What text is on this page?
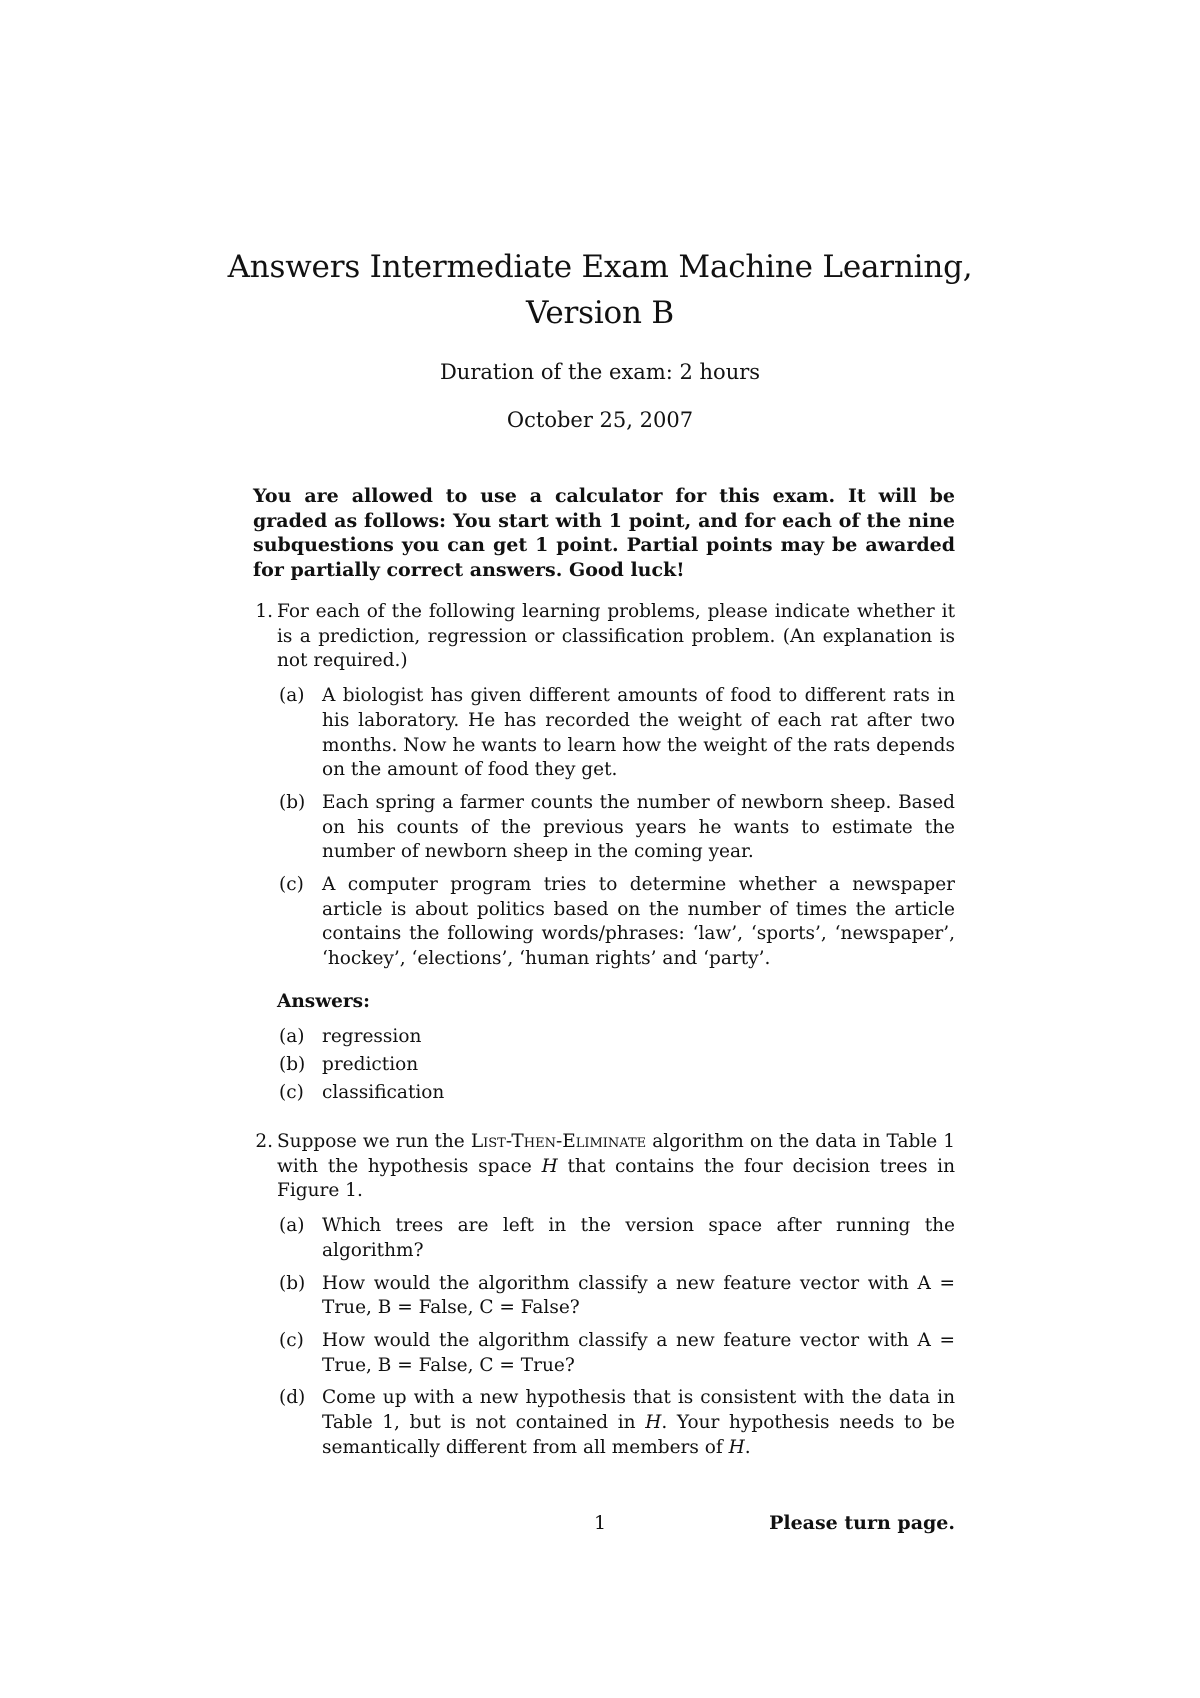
Answers Intermediate Exam Machine Learning,
Version B
Duration of the exam: 2 hours
October 25, 2007

You are allowed to use a calculator for this exam. It will be graded as follows: You start with 1 point, and for each of the nine subquestions you can get 1 point. Partial points may be awarded for partially correct answers. Good luck!

1. For each of the following learning problems, please indicate whether it is a prediction, regression or classification problem. (An explanation is not required.)
(a) A biologist has given different amounts of food to different rats in his laboratory. He has recorded the weight of each rat after two months. Now he wants to learn how the weight of the rats depends on the amount of food they get.
(b) Each spring a farmer counts the number of newborn sheep. Based on his counts of the previous years he wants to estimate the number of newborn sheep in the coming year.
(c) A computer program tries to determine whether a newspaper article is about politics based on the number of times the article contains the following words/phrases: ‘law’, ‘sports’, ‘newspaper’, ‘hockey’, ‘elections’, ‘human rights’ and ‘party’.
Answers:
(a) regression
(b) prediction
(c) classification
2. Suppose we run the List-Then-Eliminate algorithm on the data in Table 1 with the hypothesis space H that contains the four decision trees in Figure 1.
(a) Which trees are left in the version space after running the algorithm?
(b) How would the algorithm classify a new feature vector with A = True, B = False, C = False?
(c) How would the algorithm classify a new feature vector with A = True, B = False, C = True?
(d) Come up with a new hypothesis that is consistent with the data in Table 1, but is not contained in H. Your hypothesis needs to be semantically different from all members of H.
1	Please turn page.
